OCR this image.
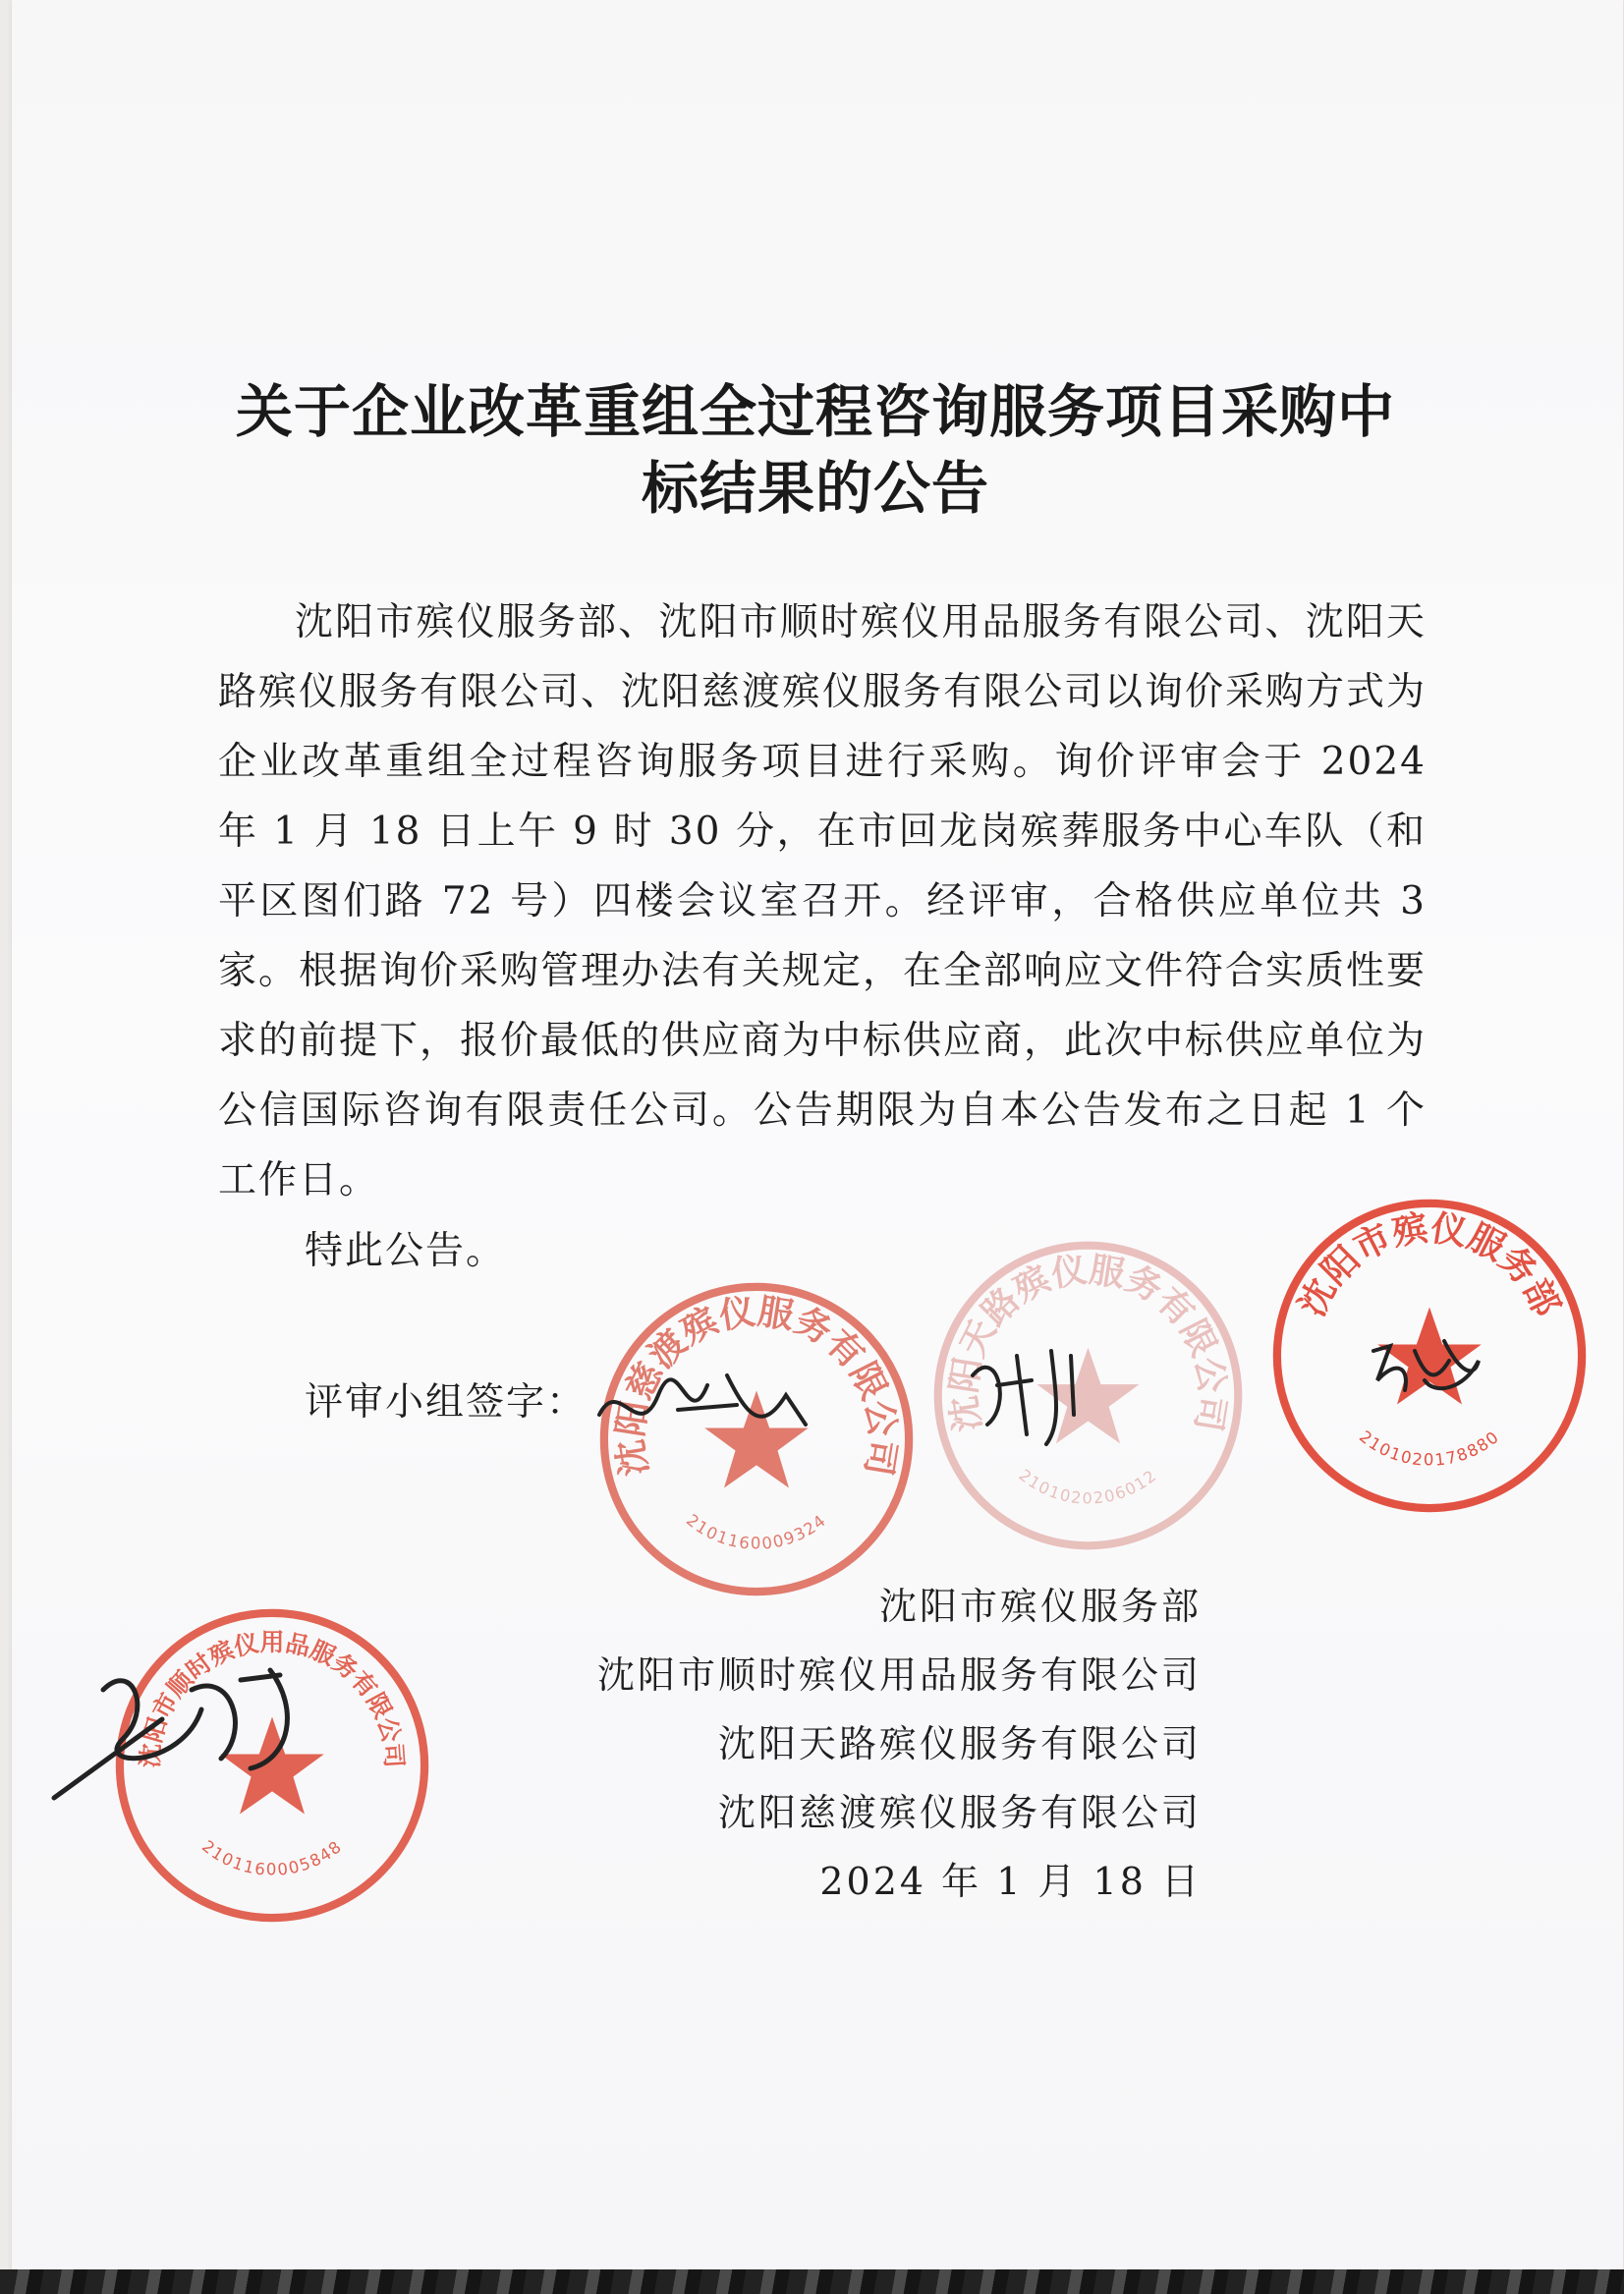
关于企业改革重组全过程咨询服务项目采购中
标结果的公告

沈阳市殡仪服务部、沈阳市顺时殡仪用品服务有限公司、沈阳天路殡仪服务有限公司、沈阳慈渡殡仪服务有限公司以询价采购方式为企业改革重组全过程咨询服务项目进行采购。询价评审会于 2024 年 1 月 18 日上午 9 时 30 分，在市回龙岗殡葬服务中心车队（和平区图们路 72 号）四楼会议室召开。经评审，合格供应单位共 3 家。根据询价采购管理办法有关规定，在全部响应文件符合实质性要求的前提下，报价最低的供应商为中标供应商，此次中标供应单位为公信国际咨询有限责任公司。公告期限为自本公告发布之日起 1 个工作日。

特此公告。
评审小组签字：
沈阳市殡仪服务部
沈阳市顺时殡仪用品服务有限公司
沈阳天路殡仪服务有限公司
沈阳慈渡殡仪服务有限公司
2024 年 1 月 18 日
沈阳慈渡殡仪服务有限公司
2101160009324
沈阳天路殡仪服务有限公司
2101020206012
沈阳市殡仪服务部
2101020178880
沈阳市顺时殡仪用品服务有限公司
2101160005848
